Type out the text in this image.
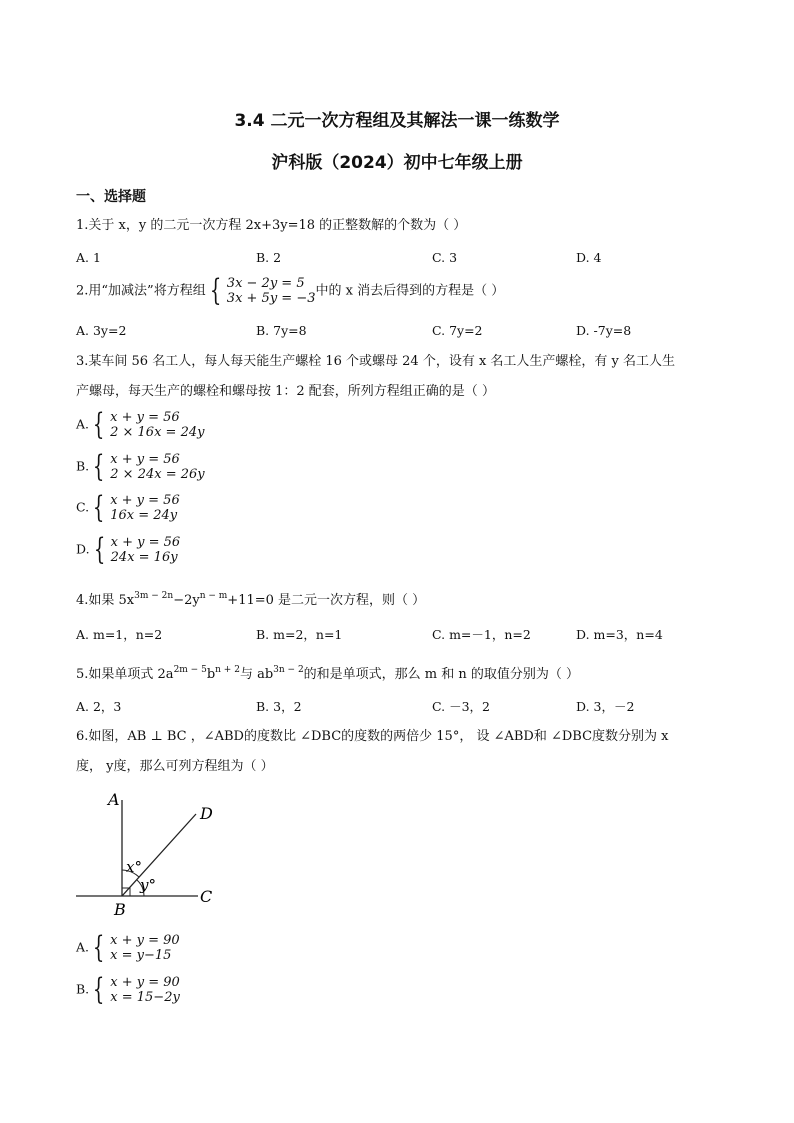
3.4 二元一次方程组及其解法一课一练数学
沪科版（2024）初中七年级上册
一、选择题
1.关于 x，y 的二元一次方程 2x+3y=18 的正整数解的个数为（ ）
A. 1	B. 2	C. 3	D. 4
2.用“加减法”将方程组 { 3x − 2y = 5
3x + 5y = −3 中的 x 消去后得到的方程是（ ）
A. 3y=2	B. 7y=8	C. 7y=2	D. -7y=8
3.某车间 56 名工人，每人每天能生产螺栓 16 个或螺母 24 个，设有 x 名工人生产螺栓，有 y 名工人生
产螺母，每天生产的螺栓和螺母按 1：2 配套，所列方程组正确的是（ ）
A. { x + y = 56
2 × 16x = 24y
B. { x + y = 56
2 × 24x = 26y
C. { x + y = 56
16x = 24y
D. { x + y = 56
24x = 16y
4.如果 $5x^{3m - 2n}-2y^{n - m}+11=0$ 是二元一次方程，则（ ）
A. m=1，n=2	B. m=2，n=1	C. m=－1，n=2	D. m=3，n=4
5.如果单项式 $2a^{2m - 5}b^{n + 2}$与 $ab^{3n - 2}$的和是单项式，那么 m 和 n 的取值分别为（ ）
A. 2，3	B. 3，2	C. －3，2	D. 3，－2
6.如图，AB ⊥ BC ，∠ABD的度数比 ∠DBC的度数的两倍少 15°， 设 ∠ABD和 ∠DBC度数分别为 x
度， y度，那么可列方程组为（ ）
A
B
C
D
x°
y°
A. { x + y = 90
x = y−15
B. { x + y = 90
x = 15−2y
